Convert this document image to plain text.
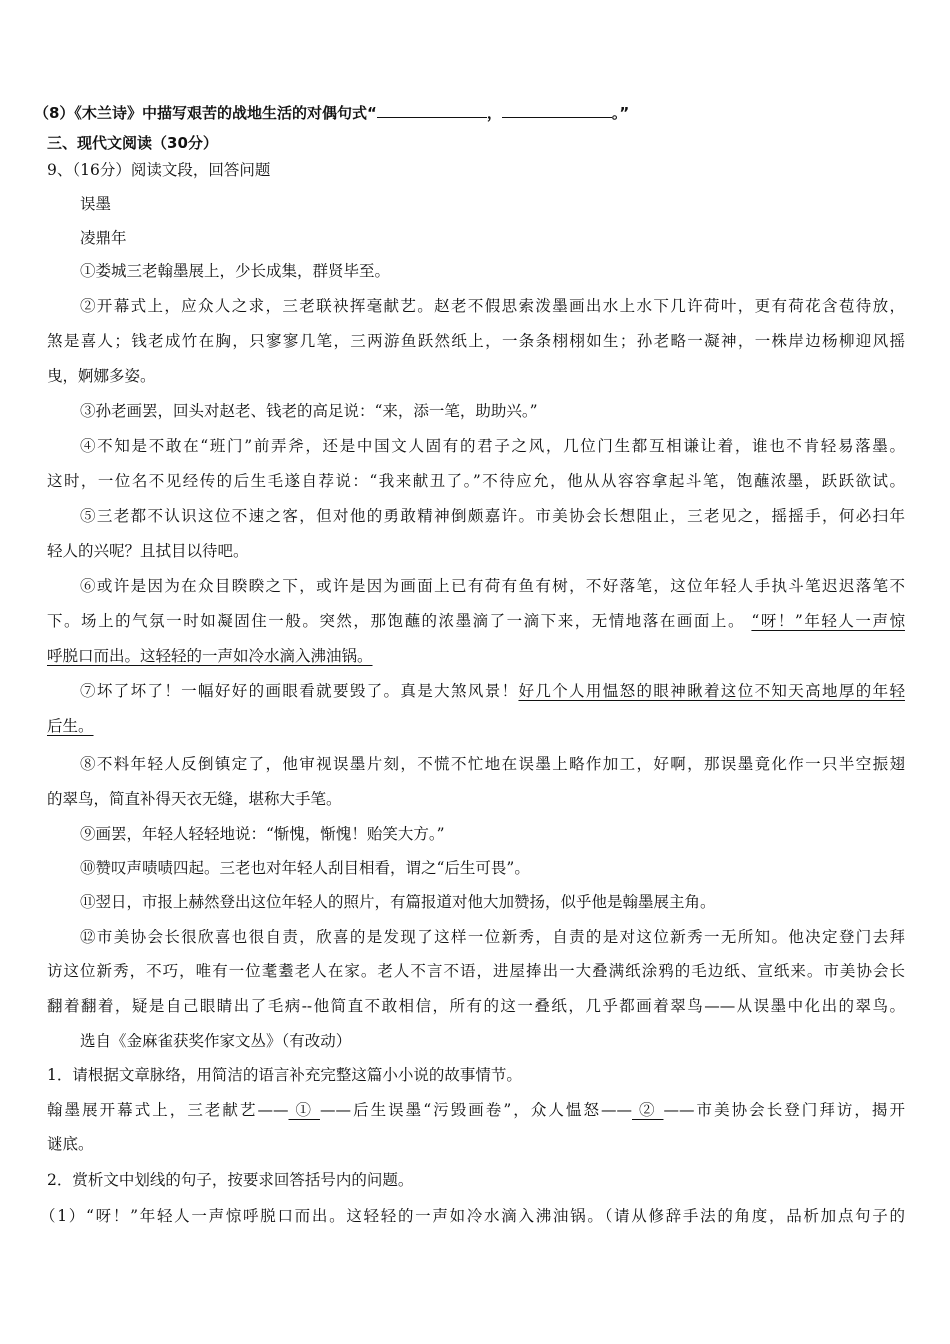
（8）《木兰诗》中描写艰苦的战地生活的对偶句式“	，	。”
三、现代文阅读（30分）
9、（16分）阅读文段，回答问题
误墨
凌鼎年
①娄城三老翰墨展上，少长成集，群贤毕至。
②开幕式上，应众人之求，三老联袂挥毫献艺。赵老不假思索泼墨画出水上水下几许荷叶，更有荷花含苞待放，
煞是喜人；钱老成竹在胸，只寥寥几笔，三两游鱼跃然纸上，一条条栩栩如生；孙老略一凝神，一株岸边杨柳迎风摇
曳，婀娜多姿。
③孙老画罢，回头对赵老、钱老的高足说：“来，添一笔，助助兴。”
④不知是不敢在“班门”前弄斧，还是中国文人固有的君子之风，几位门生都互相谦让着，谁也不肯轻易落墨。
这时，一位名不见经传的后生毛遂自荐说：“我来献丑了。”不待应允，他从从容容拿起斗笔，饱蘸浓墨，跃跃欲试。
⑤三老都不认识这位不速之客，但对他的勇敢精神倒颇嘉许。市美协会长想阻止，三老见之，摇摇手，何必扫年
轻人的兴呢？且拭目以待吧。
⑥或许是因为在众目睽睽之下，或许是因为画面上已有荷有鱼有树，不好落笔，这位年轻人手执斗笔迟迟落笔不
下。场上的气氛一时如凝固住一般。突然，那饱蘸的浓墨滴了一滴下来，无情地落在画面上。 “呀！”年轻人一声惊
呼脱口而出。这轻轻的一声如冷水滴入沸油锅。
⑦坏了坏了！一幅好好的画眼看就要毁了。真是大煞风景！好几个人用愠怒的眼神瞅着这位不知天高地厚的年轻
后生。
⑧不料年轻人反倒镇定了，他审视误墨片刻，不慌不忙地在误墨上略作加工，好啊，那误墨竟化作一只半空振翅
的翠鸟，简直补得天衣无缝，堪称大手笔。
⑨画罢，年轻人轻轻地说：“惭愧，惭愧！贻笑大方。”
⑩赞叹声啧啧四起。三老也对年轻人刮目相看，谓之“后生可畏”。
⑪翌日，市报上赫然登出这位年轻人的照片，有篇报道对他大加赞扬，似乎他是翰墨展主角。
⑫市美协会长很欣喜也很自责，欣喜的是发现了这样一位新秀，自责的是对这位新秀一无所知。他决定登门去拜
访这位新秀，不巧，唯有一位耄耋老人在家。老人不言不语，进屋捧出一大叠满纸涂鸦的毛边纸、宣纸来。市美协会长
翻着翻着，疑是自己眼睛出了毛病--他简直不敢相信，所有的这一叠纸，几乎都画着翠鸟——从误墨中化出的翠鸟。
选自《金麻雀获奖作家文丛》（有改动）
1．请根据文章脉络，用简洁的语言补充完整这篇小小说的故事情节。
翰墨展开幕式上，三老献艺—— ① ——后生误墨“污毁画卷”，众人愠怒—— ② ——市美协会长登门拜访，揭开
谜底。
2．赏析文中划线的句子，按要求回答括号内的问题。
（1）“呀！”年轻人一声惊呼脱口而出。这轻轻的一声如冷水滴入沸油锅。（请从修辞手法的角度，品析加点句子的
